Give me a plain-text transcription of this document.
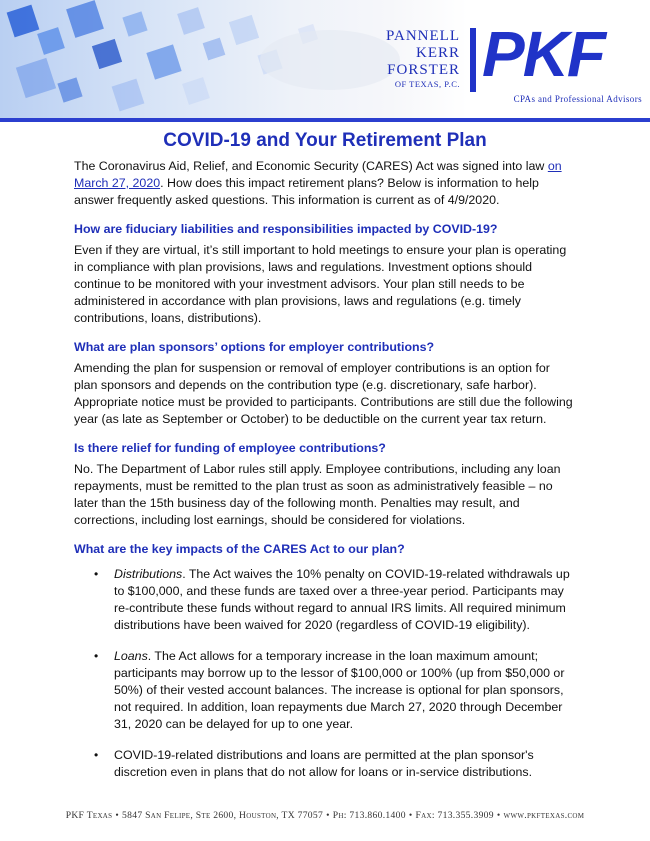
PANNELL
KERR
FORSTER
OF TEXAS, P.C. PKF
CPAs and Professional Advisors
COVID-19 and Your Retirement Plan

The Coronavirus Aid, Relief, and Economic Security (CARES) Act was signed into law on March 27, 2020. How does this impact retirement plans? Below is information to help answer frequently asked questions. This information is current as of 4/9/2020.

How are fiduciary liabilities and responsibilities impacted by COVID-19?

Even if they are virtual, it’s still important to hold meetings to ensure your plan is operating in compliance with plan provisions, laws and regulations. Investment options should continue to be monitored with your investment advisors. Your plan still needs to be administered in accordance with plan provisions, laws and regulations (e.g. timely contributions, loans, distributions).

What are plan sponsors’ options for employer contributions?

Amending the plan for suspension or removal of employer contributions is an option for plan sponsors and depends on the contribution type (e.g. discretionary, safe harbor). Appropriate notice must be provided to participants. Contributions are still due the following year (as late as September or October) to be deductible on the current year tax return.

Is there relief for funding of employee contributions?

No. The Department of Labor rules still apply. Employee contributions, including any loan repayments, must be remitted to the plan trust as soon as administratively feasible – no later than the 15th business day of the following month. Penalties may result, and corrections, including lost earnings, should be considered for violations.

What are the key impacts of the CARES Act to our plan?
• Distributions. The Act waives the 10% penalty on COVID-19-related withdrawals up to $100,000, and these funds are taxed over a three-year period. Participants may re-contribute these funds without regard to annual IRS limits. All required minimum distributions have been waived for 2020 (regardless of COVID-19 eligibility).
• Loans. The Act allows for a temporary increase in the loan maximum amount; participants may borrow up to the lessor of $100,000 or 100% (up from $50,000 or 50%) of their vested account balances. The increase is optional for plan sponsors, not required. In addition, loan repayments due March 27, 2020 through December 31, 2020 can be delayed for up to one year.
• COVID-19-related distributions and loans are permitted at the plan sponsor's discretion even in plans that do not allow for loans or in-service distributions.
PKF Texas • 5847 San Felipe, Ste 2600, Houston, TX 77057 • Ph: 713.860.1400 • Fax: 713.355.3909 • www.pkftexas.com
